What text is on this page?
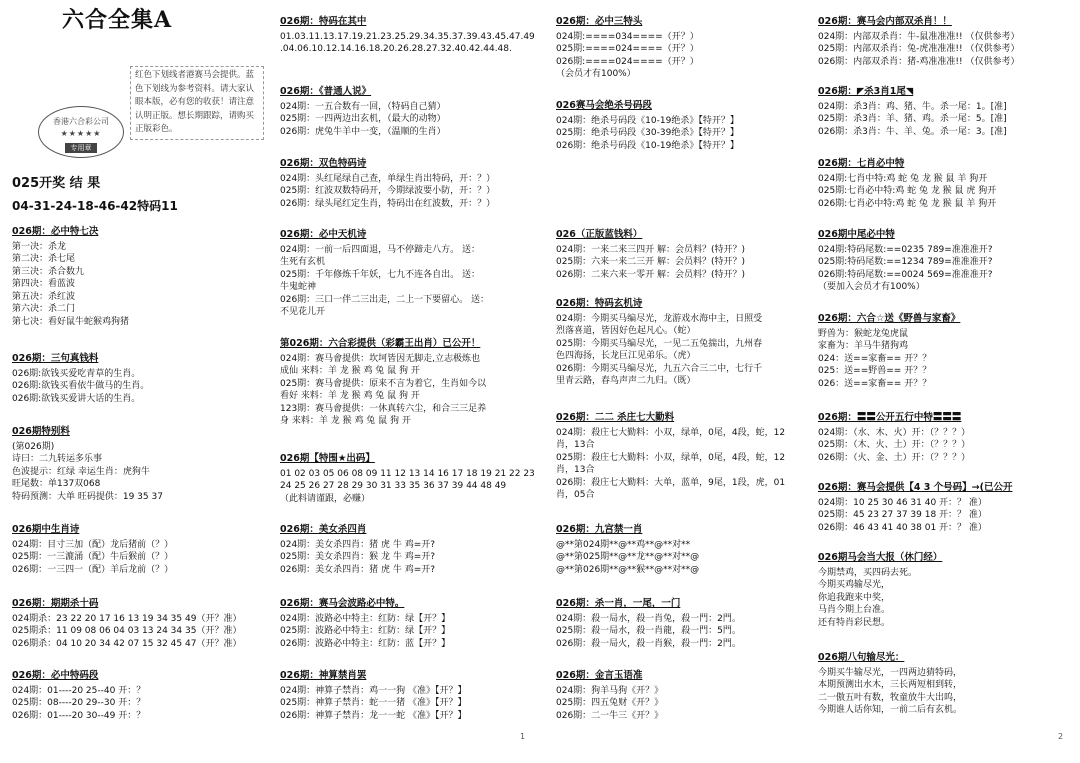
六合全集A
红色下划线者港赛马会提供。蓝色下划线为参考资料。请大家认眼本版，必有您的收获！请注意认明正版。想长期跟踪，请购买正版彩色。
香港六合彩公司
★★★★★
专用章
025开奖 结 果
04-31-24-18-46-42特码11
026期：必中特七决
第一决：杀龙
第二决：杀七尾
第三决：杀合数九
第四决：看蓝波
第五决：杀红波
第六决：杀二门
第七决：看好鼠牛蛇猴鸡狗猪
026期：三句真钱料
026期:欲钱买爱吃青草的生肖。
026期:欲钱买看依牛做马的生肖。
026期:欲钱买爱讲大话的生肖。
026期特别料
(第026期)
诗曰：二九转运多乐事
色波提示：红绿 幸运生肖：虎狗牛
旺尾数：单137双068
特码预测：大单 旺码提供：19 35 37
026期中生肖诗
024期：目寸三加（配）龙后猪前（？）
025期：一三漉涌（配）牛后猴前（？）
026期：一三四一（配）羊后龙前（？）
026期：期期杀十码
024期杀：23 22 20 17 16 13 19 34 35 49（开？准）
025期杀：11 09 08 06 04 03 13 24 34 35（开？准）
026期杀：04 10 20 34 42 07 15 32 45 47（开？准）
026期：必中特码段
024期：01----20 25--40 开：？
025期：08----20 29--30 开：？
026期：01----20 30--49 开：？
026期：特码在其中
01.03.11.13.17.19.21.23.25.29.34.35.37.39.43.45.47.49
.04.06.10.12.14.16.18.20.26.28.27.32.40.42.44.48.
026期：《普通人说》
024期：一五合数有一回，（特码自己猜）
025期：一四两边出玄机，（最大的动物）
026期：虎兔牛羊中一变，（温顺的生肖）
026期：双色特码诗
024期：头红尾绿自己查，单绿生肖出特码，开：？）
025期：红波双数特码开，今期绿波要小防，开：？）
026期：绿头尾红定生肖，特码出在红波数，开：？）
026期：必中天机诗
024期：一前一后四面退，马不停蹄走八方。 送：
生死有玄机
025期：千年修炼千年妖，七九不连各自出。 送：
牛鬼蛇神
026期：三口一伴二三出走，二上一下要留心。 送：
不见花儿开
第026期：六合彩提供（彩霸王出肖）已公开！
024期：赛马會提供：坎坷皆因无脚走,立志极炼也
成仙 来料：羊 龙 猴 鸡 兔 鼠 狗 开
025期：赛马會提供：原来不言为着它，生肖如今以
看好 来料：羊 龙 猴 鸡 兔 鼠 狗 开
123期：赛马會提供：一休真转六尘，和合三三足养
身 来料：羊 龙 猴 鸡 兔 鼠 狗 开
026期【特围★出码】
01 02 03 05 06 08 09 11 12 13 14 16 17 18 19 21 22 23
24 25 26 27 28 29 30 31 33 35 36 37 39 44 48 49
（此料请谨跟，必赚）
026期：美女杀四肖
024期：美女杀四肖：猪 虎 牛 鸡=开?
025期：美女杀四肖：猴 龙 牛 鸡=开?
026期：美女杀四肖：猪 虎 牛 鸡=开?
026期：赛马会波路必中特。
024期：波路必中特主：红防：绿【开？】
025期：波路必中特主：红防：绿【开？】
026期：波路必中特主：红防：蓝【开？】
026期：神算禁肖罢
024期：神算子禁肖：鸡一一狗 《准》【开？】
025期：神算子禁肖：蛇一一猪 《准》【开？】
026期：神算子禁肖：龙一一蛇 《准》【开？】
026期：必中三特头
024期:====034====（开？）
025期:====024====（开？）
026期:====024====（开？）
（会员才有100%）
026赛马会绝杀号码段
024期：绝杀号码段《10-19绝杀》【特开？】
025期：绝杀号码段《30-39绝杀》【特开？】
026期：绝杀号码段《10-19绝杀》【特开？】
026（正版蓝钱料）
024期：一来二来三四开 解：会员料？(特开？)
025期：六来一来二三开 解：会员料？(特开？)
026期：二来六来一零开 解：会员料？(特开？)
026期：特码玄机诗
024期：今期买马编尽光，龙游戏水海中主，日照受
烈落喜道，皆因好色起凡心。（蛇）
025期：今期买马编尽光，一见二五兔揣出，九州春
色四海扬，长龙巨江见弟乐。（虎）
026期：今期买马编尽光，九五六合三二中，七行千
里青云路，春鸟声声二九归。（既）
026期：二二 杀庄七大勤料
024期：殺庄七大勤料：小双，绿单，0尾，4段，蛇，12
肖，13合
025期：殺庄七大勤料：小双，绿单，0尾，4段，蛇，12
肖，13合
026期：殺庄七大勤料：大单，蓝单，9尾，1段，虎，01
肖，05合
026期：九宫禁一肖
@**第024期**@**鸡**@**对**
@**第025期**@**龙**@**对**@
@**第026期**@**猴**@**对**@
026期：杀一肖，一尾，一门
024期：殺一局水，殺一肖兔，殺一門：2門。
025期：殺一局水，殺一肖龍，殺一門：5門。
026期：殺一局火，殺一肖猴，殺一門：2門。
026期：金言玉语准
024期：狗羊马狗《开？》
025期：四五兔财《开？》
026期：二一牛三《开？》
026期：赛马会内部双杀肖！！
024期：内部双杀肖：牛-鼠准准准!! （仅供参考）
025期：内部双杀肖：兔-虎准准准!! （仅供参考）
026期：内部双杀肖：猪-鸡准准准!! （仅供参考）
026期：◤杀3肖1尾◥
024期：杀3肖：鸡、猪、牛。杀一尾：1。[准]
025期：杀3肖：羊、猪、鸡。杀一尾：5。[准]
026期：杀3肖：牛、羊、兔。杀一尾：3。[准]
026期：七肖必中特
024期:七肖中特:鸡 蛇 兔 龙 猴 鼠 羊 狗开
025期:七肖必中特:鸡 蛇 兔 龙 猴 鼠 虎 狗开
026期:七肖必中特:鸡 蛇 兔 龙 猴 鼠 羊 狗开
026期中尾必中特
024期:特码尾数:==0235 789=准准准开?
025期:特码尾数:==1234 789=准准准开?
026期:特码尾数:==0024 569=准准准开?
（要加入会员才有100%）
026期：六合☆送《野兽与家畜》
野兽为：猴蛇龙兔虎鼠
家畜为：羊马牛猪狗鸡
024：送==家畜== 开？？
025：送==野兽== 开？？
026：送==家畜== 开？？
026期：〓〓公开五行中特〓〓〓
024期：（水、木、火）开：（？？？）
025期：（木、火、土）开：（？？？）
026期：（火、金、土）开：（？？？）
026期：赛马会提供【4 3 个号码】→(已公开
024期：10 25 30 46 31 40 开：？ 准）
025期：45 23 27 37 39 18 开：？ 准）
026期：46 43 41 40 38 01 开：？ 准）
026期马会当大报（休门经）
今期禁鸡，买四码去死。
今期买鸡输尽光，
你追我跑来中奖，
马肖今期上台准。
还有特肖彩民想。
026期八句输尽光：
今期买牛输尽光，一四两边猜特码，
本期预测出水木，三长两短相到转，
二一傲五叶有数，牧童放牛大出呜，
今期谁人话你知，一前二后有玄机。
1	2
